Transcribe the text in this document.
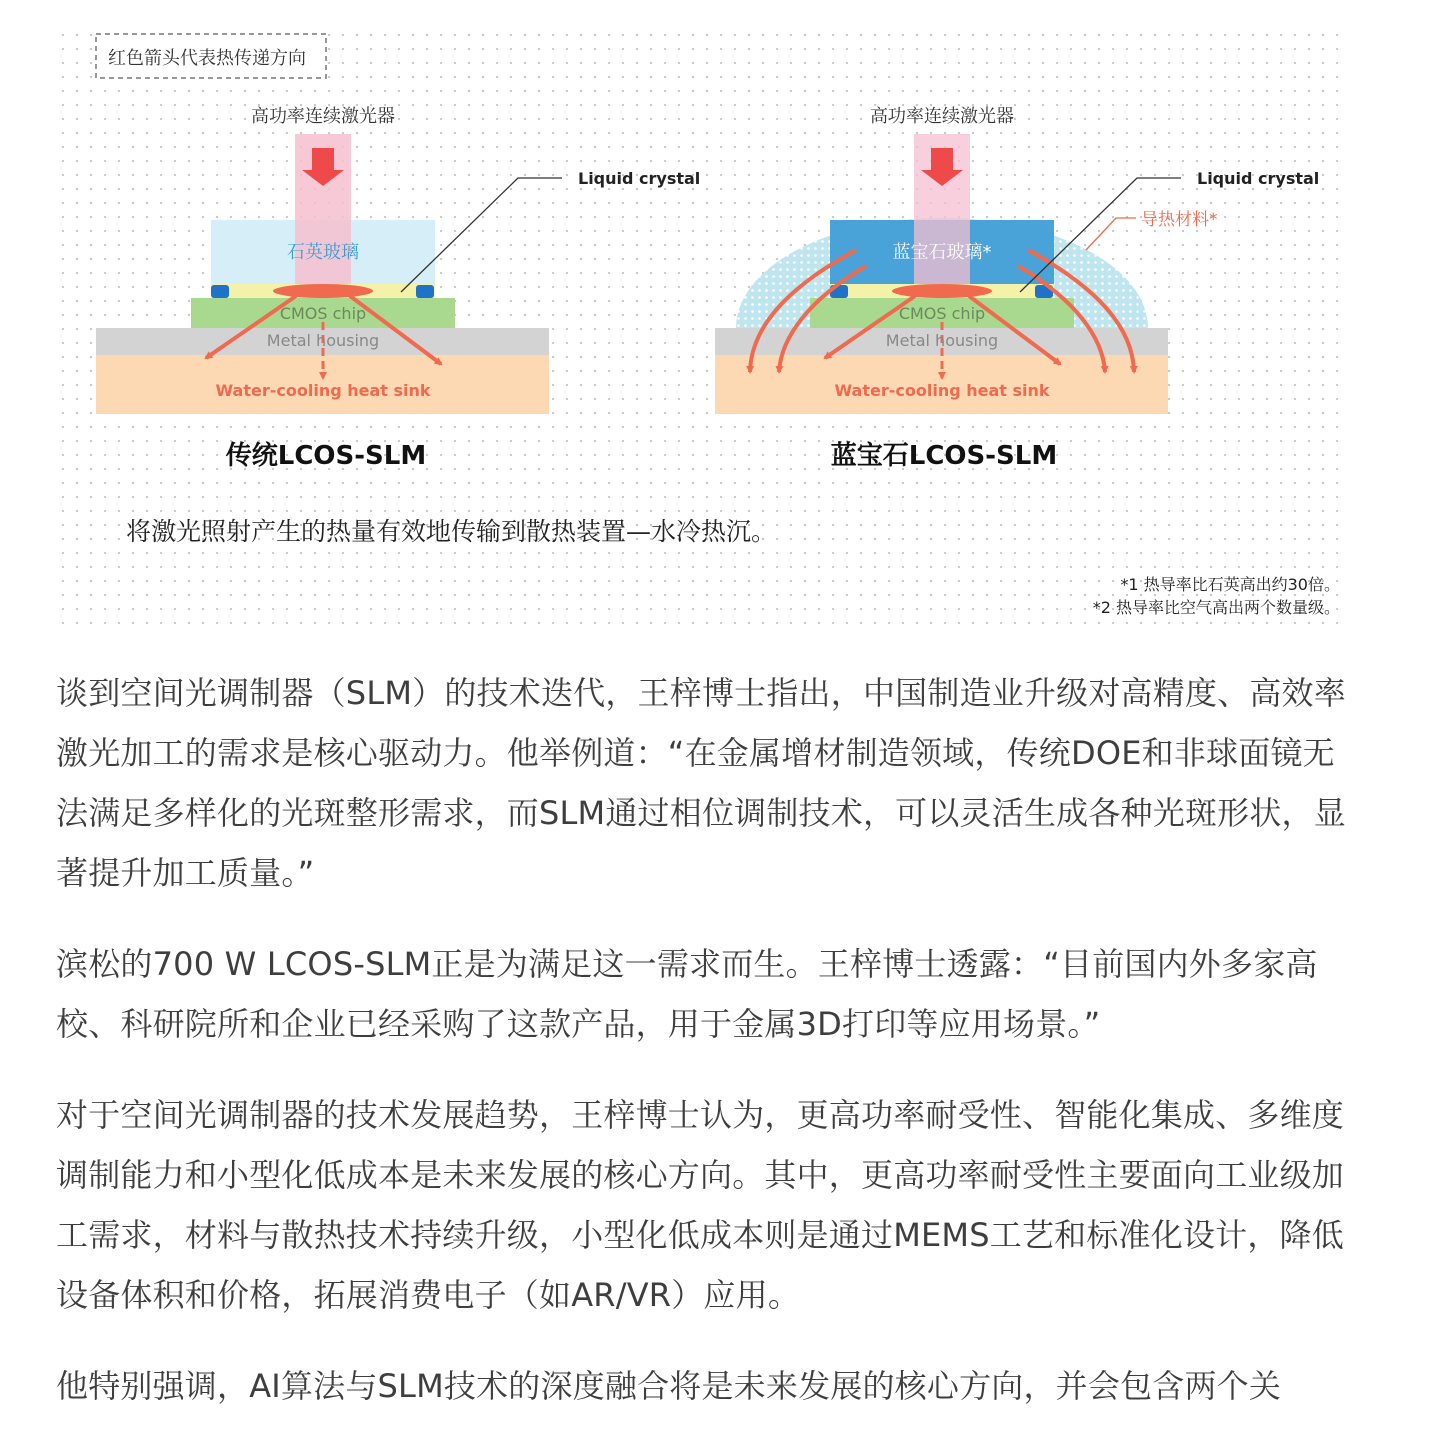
红色箭头代表热传递方向
高功率连续激光器
石英玻璃
CMOS chip
Metal housing
Water-cooling heat sink
Liquid crystal
传统LCOS-SLM
高功率连续激光器
蓝宝石玻璃*
CMOS chip
Metal housing
Water-cooling heat sink
Liquid crystal
导热材料*
蓝宝石LCOS-SLM
将激光照射产生的热量有效地传输到散热装置—水冷热沉。
*1 热导率比石英高出约30倍。
*2 热导率比空气高出两个数量级。

谈到空间光调制器（SLM）的技术迭代，王梓博士指出，中国制造业升级对高精度、高效率激光加工的需求是核心驱动力。他举例道：“在金属增材制造领域，传统DOE和非球面镜无法满足多样化的光斑整形需求，而SLM通过相位调制技术，可以灵活生成各种光斑形状，显著提升加工质量。”

滨松的700 W LCOS-SLM正是为满足这一需求而生。王梓博士透露：“目前国内外多家高校、科研院所和企业已经采购了这款产品，用于金属3D打印等应用场景。”

对于空间光调制器的技术发展趋势，王梓博士认为，更高功率耐受性、智能化集成、多维度调制能力和小型化低成本是未来发展的核心方向。其中，更高功率耐受性主要面向工业级加工需求，材料与散热技术持续升级，小型化低成本则是通过MEMS工艺和标准化设计，降低设备体积和价格，拓展消费电子（如AR/VR）应用。

他特别强调，AI算法与SLM技术的深度融合将是未来发展的核心方向，并会包含两个关
